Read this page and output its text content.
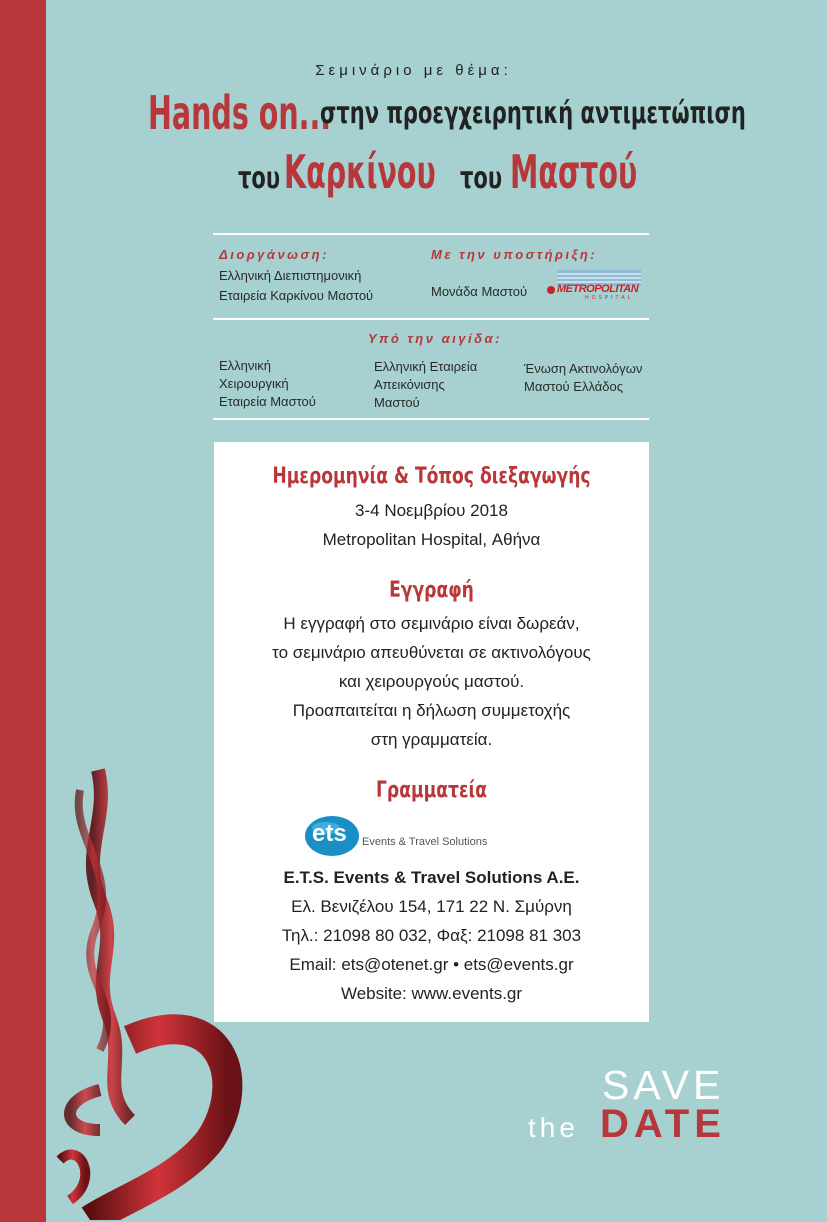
Σεμινάριο με θέμα:
Hands on...
στην προεγχειρητική αντιμετώπιση
του Καρκίνου του Μαστού
Διοργάνωση:
Ελληνική Διεπιστημονική
Εταιρεία Καρκίνου Μαστού
Με την υποστήριξη:
Μονάδα Μαστού	METROPOLITAN
HOSPITAL
Υπό την αιγίδα:
Ελληνική
Χειρουργική
Εταιρεία Μαστού
Ελληνική Εταιρεία
Απεικόνισης
Μαστού
Ένωση Ακτινολόγων
Μαστού Ελλάδος
Ημερομηνία & Τόπος διεξαγωγής
3-4 Νοεμβρίου 2018
Metropolitan Hospital, Αθήνα
Εγγραφή
Η εγγραφή στο σεμινάριο είναι δωρεάν,
το σεμινάριο απευθύνεται σε ακτινολόγους
και χειρουργούς μαστού.
Προαπαιτείται η δήλωση συμμετοχής
στη γραμματεία.
Γραμματεία
ets Events & Travel Solutions
E.T.S. Events & Travel Solutions A.E.
Ελ. Βενιζέλου 154, 171 22 Ν. Σμύρνη
Τηλ.: 21098 80 032, Φαξ: 21098 81 303
Email: ets@otenet.gr • ets@events.gr
Website: www.events.gr
SAVE
the DATE
